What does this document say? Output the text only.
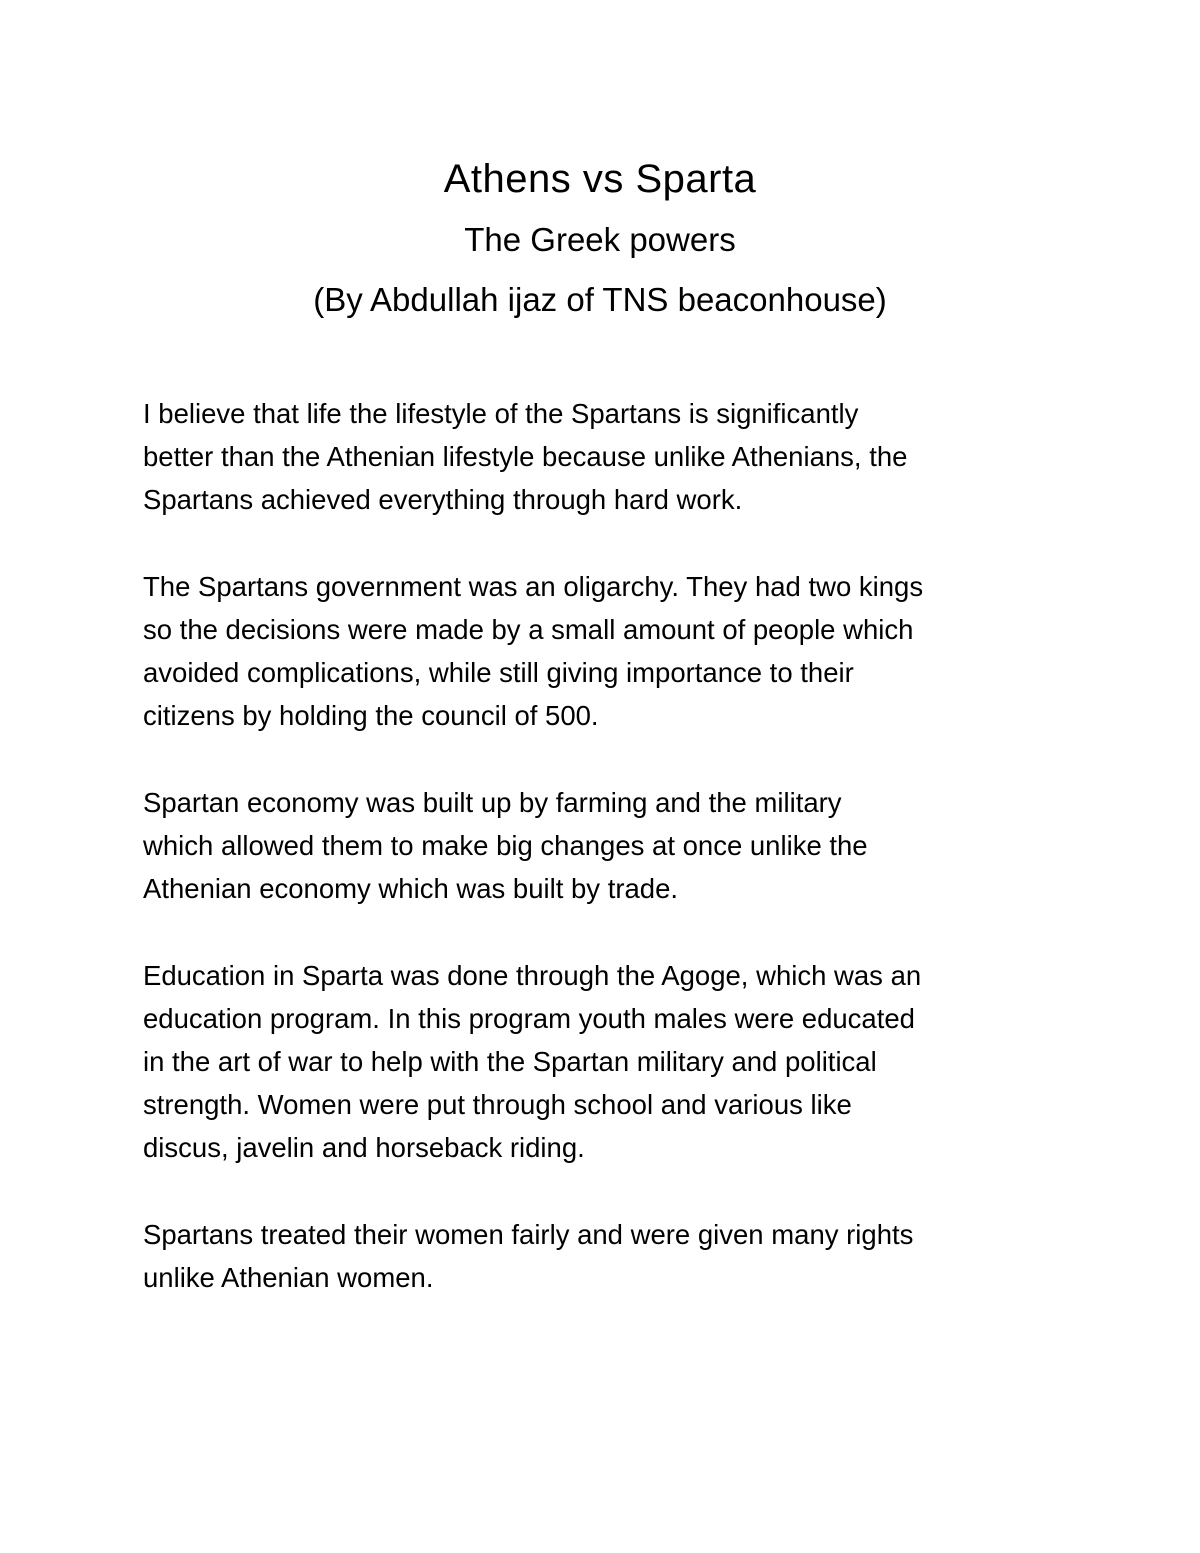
Athens vs Sparta
The Greek powers
(By Abdullah ijaz of TNS beaconhouse)

I believe that life the lifestyle of the Spartans is significantly
better than the Athenian lifestyle because unlike Athenians, the
Spartans achieved everything through hard work.

The Spartans government was an oligarchy. They had two kings
so the decisions were made by a small amount of people which
avoided complications, while still giving importance to their
citizens by holding the council of 500.

Spartan economy was built up by farming and the military
which allowed them to make big changes at once unlike the
Athenian economy which was built by trade.

Education in Sparta was done through the Agoge, which was an
education program. In this program youth males were educated
in the art of war to help with the Spartan military and political
strength. Women were put through school and various like
discus, javelin and horseback riding.

Spartans treated their women fairly and were given many rights
unlike Athenian women.
